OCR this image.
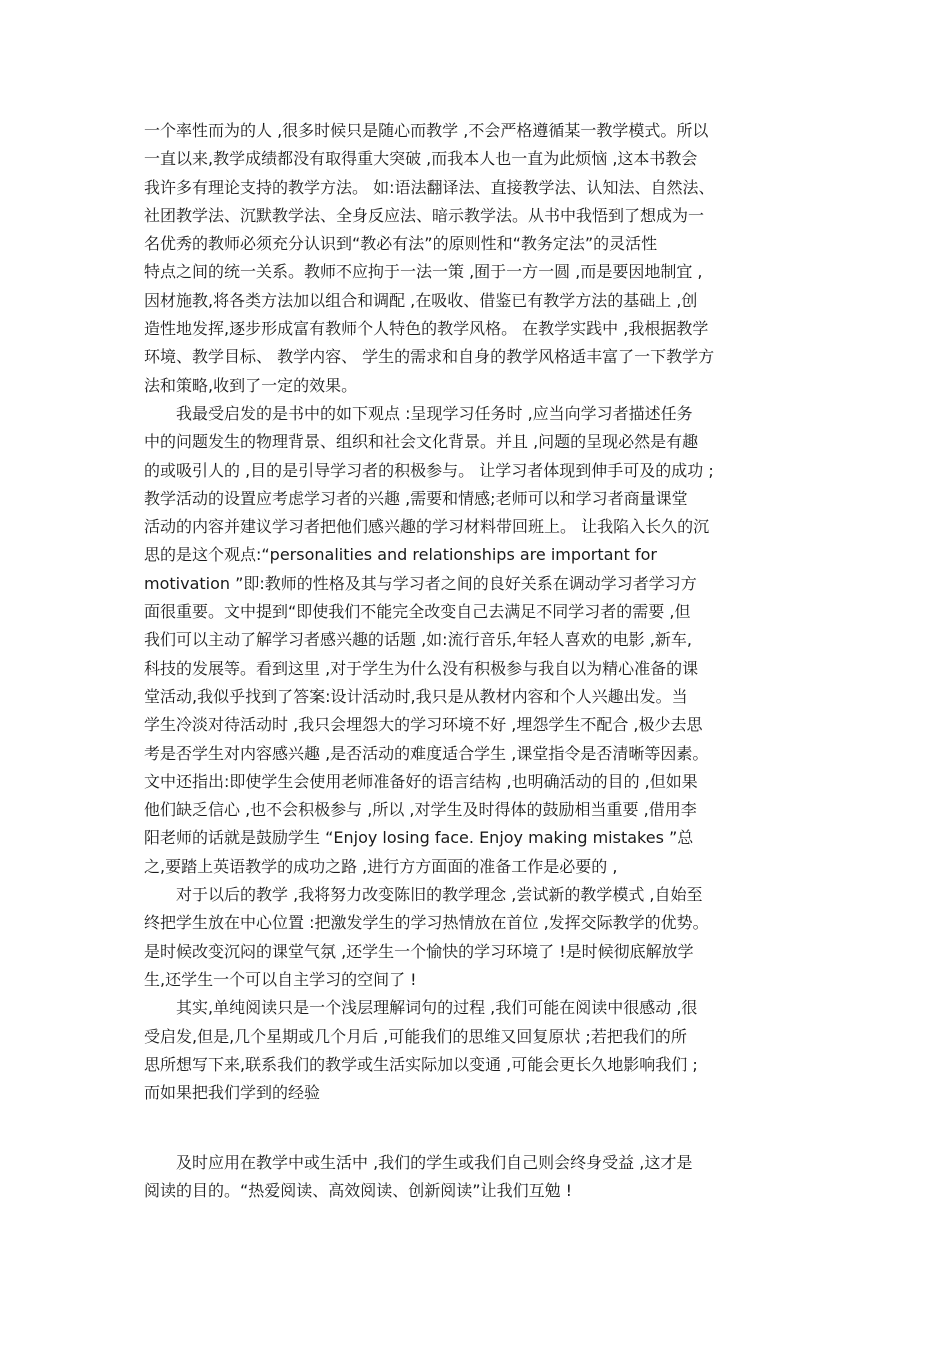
一个率性而为的人 ,很多时候只是随心而教学 ,不会严格遵循某一教学模式。所以
一直以来,教学成绩都没有取得重大突破 ,而我本人也一直为此烦恼 ,这本书教会
我许多有理论支持的教学方法。 如:语法翻译法、直接教学法、认知法、自然法、
社团教学法、沉默教学法、全身反应法、暗示教学法。从书中我悟到了想成为一
名优秀的教师必须充分认识到“教必有法”的原则性和“教务定法”的灵活性
特点之间的统一关系。教师不应拘于一法一策 ,囿于一方一圆 ,而是要因地制宜 ,
因材施教,将各类方法加以组合和调配 ,在吸收、借鉴已有教学方法的基础上 ,创
造性地发挥,逐步形成富有教师个人特色的教学风格。 在教学实践中 ,我根据教学
环境、教学目标、 教学内容、 学生的需求和自身的教学风格适丰富了一下教学方
法和策略,收到了一定的效果。
　　我最受启发的是书中的如下观点 :呈现学习任务时 ,应当向学习者描述任务
中的问题发生的物理背景、组织和社会文化背景。并且 ,问题的呈现必然是有趣
的或吸引人的 ,目的是引导学习者的积极参与。 让学习者体现到伸手可及的成功 ;
教学活动的设置应考虑学习者的兴趣 ,需要和情感;老师可以和学习者商量课堂
活动的内容并建议学习者把他们感兴趣的学习材料带回班上。 让我陷入长久的沉
思的是这个观点:“personalities and relationships are important for
motivation ”即:教师的性格及其与学习者之间的良好关系在调动学习者学习方
面很重要。文中提到“即使我们不能完全改变自己去满足不同学习者的需要 ,但
我们可以主动了解学习者感兴趣的话题 ,如:流行音乐,年轻人喜欢的电影 ,新车,
科技的发展等。看到这里 ,对于学生为什么没有积极参与我自以为精心准备的课
堂活动,我似乎找到了答案:设计活动时,我只是从教材内容和个人兴趣出发。当
学生冷淡对待活动时 ,我只会埋怨大的学习环境不好 ,埋怨学生不配合 ,极少去思
考是否学生对内容感兴趣 ,是否活动的难度适合学生 ,课堂指令是否清晰等因素。
文中还指出:即使学生会使用老师准备好的语言结构 ,也明确活动的目的 ,但如果
他们缺乏信心 ,也不会积极参与 ,所以 ,对学生及时得体的鼓励相当重要 ,借用李
阳老师的话就是鼓励学生 “Enjoy losing face. Enjoy making mistakes ”总
之,要踏上英语教学的成功之路 ,进行方方面面的准备工作是必要的 ,
　　对于以后的教学 ,我将努力改变陈旧的教学理念 ,尝试新的教学模式 ,自始至
终把学生放在中心位置 :把激发学生的学习热情放在首位 ,发挥交际教学的优势。
是时候改变沉闷的课堂气氛 ,还学生一个愉快的学习环境了 !是时候彻底解放学
生,还学生一个可以自主学习的空间了 !
　　其实,单纯阅读只是一个浅层理解词句的过程 ,我们可能在阅读中很感动 ,很
受启发,但是,几个星期或几个月后 ,可能我们的思维又回复原状 ;若把我们的所
思所想写下来,联系我们的教学或生活实际加以变通 ,可能会更长久地影响我们 ;
而如果把我们学到的经验
　　及时应用在教学中或生活中 ,我们的学生或我们自己则会终身受益 ,这才是
阅读的目的。“热爱阅读、高效阅读、创新阅读”让我们互勉 !
